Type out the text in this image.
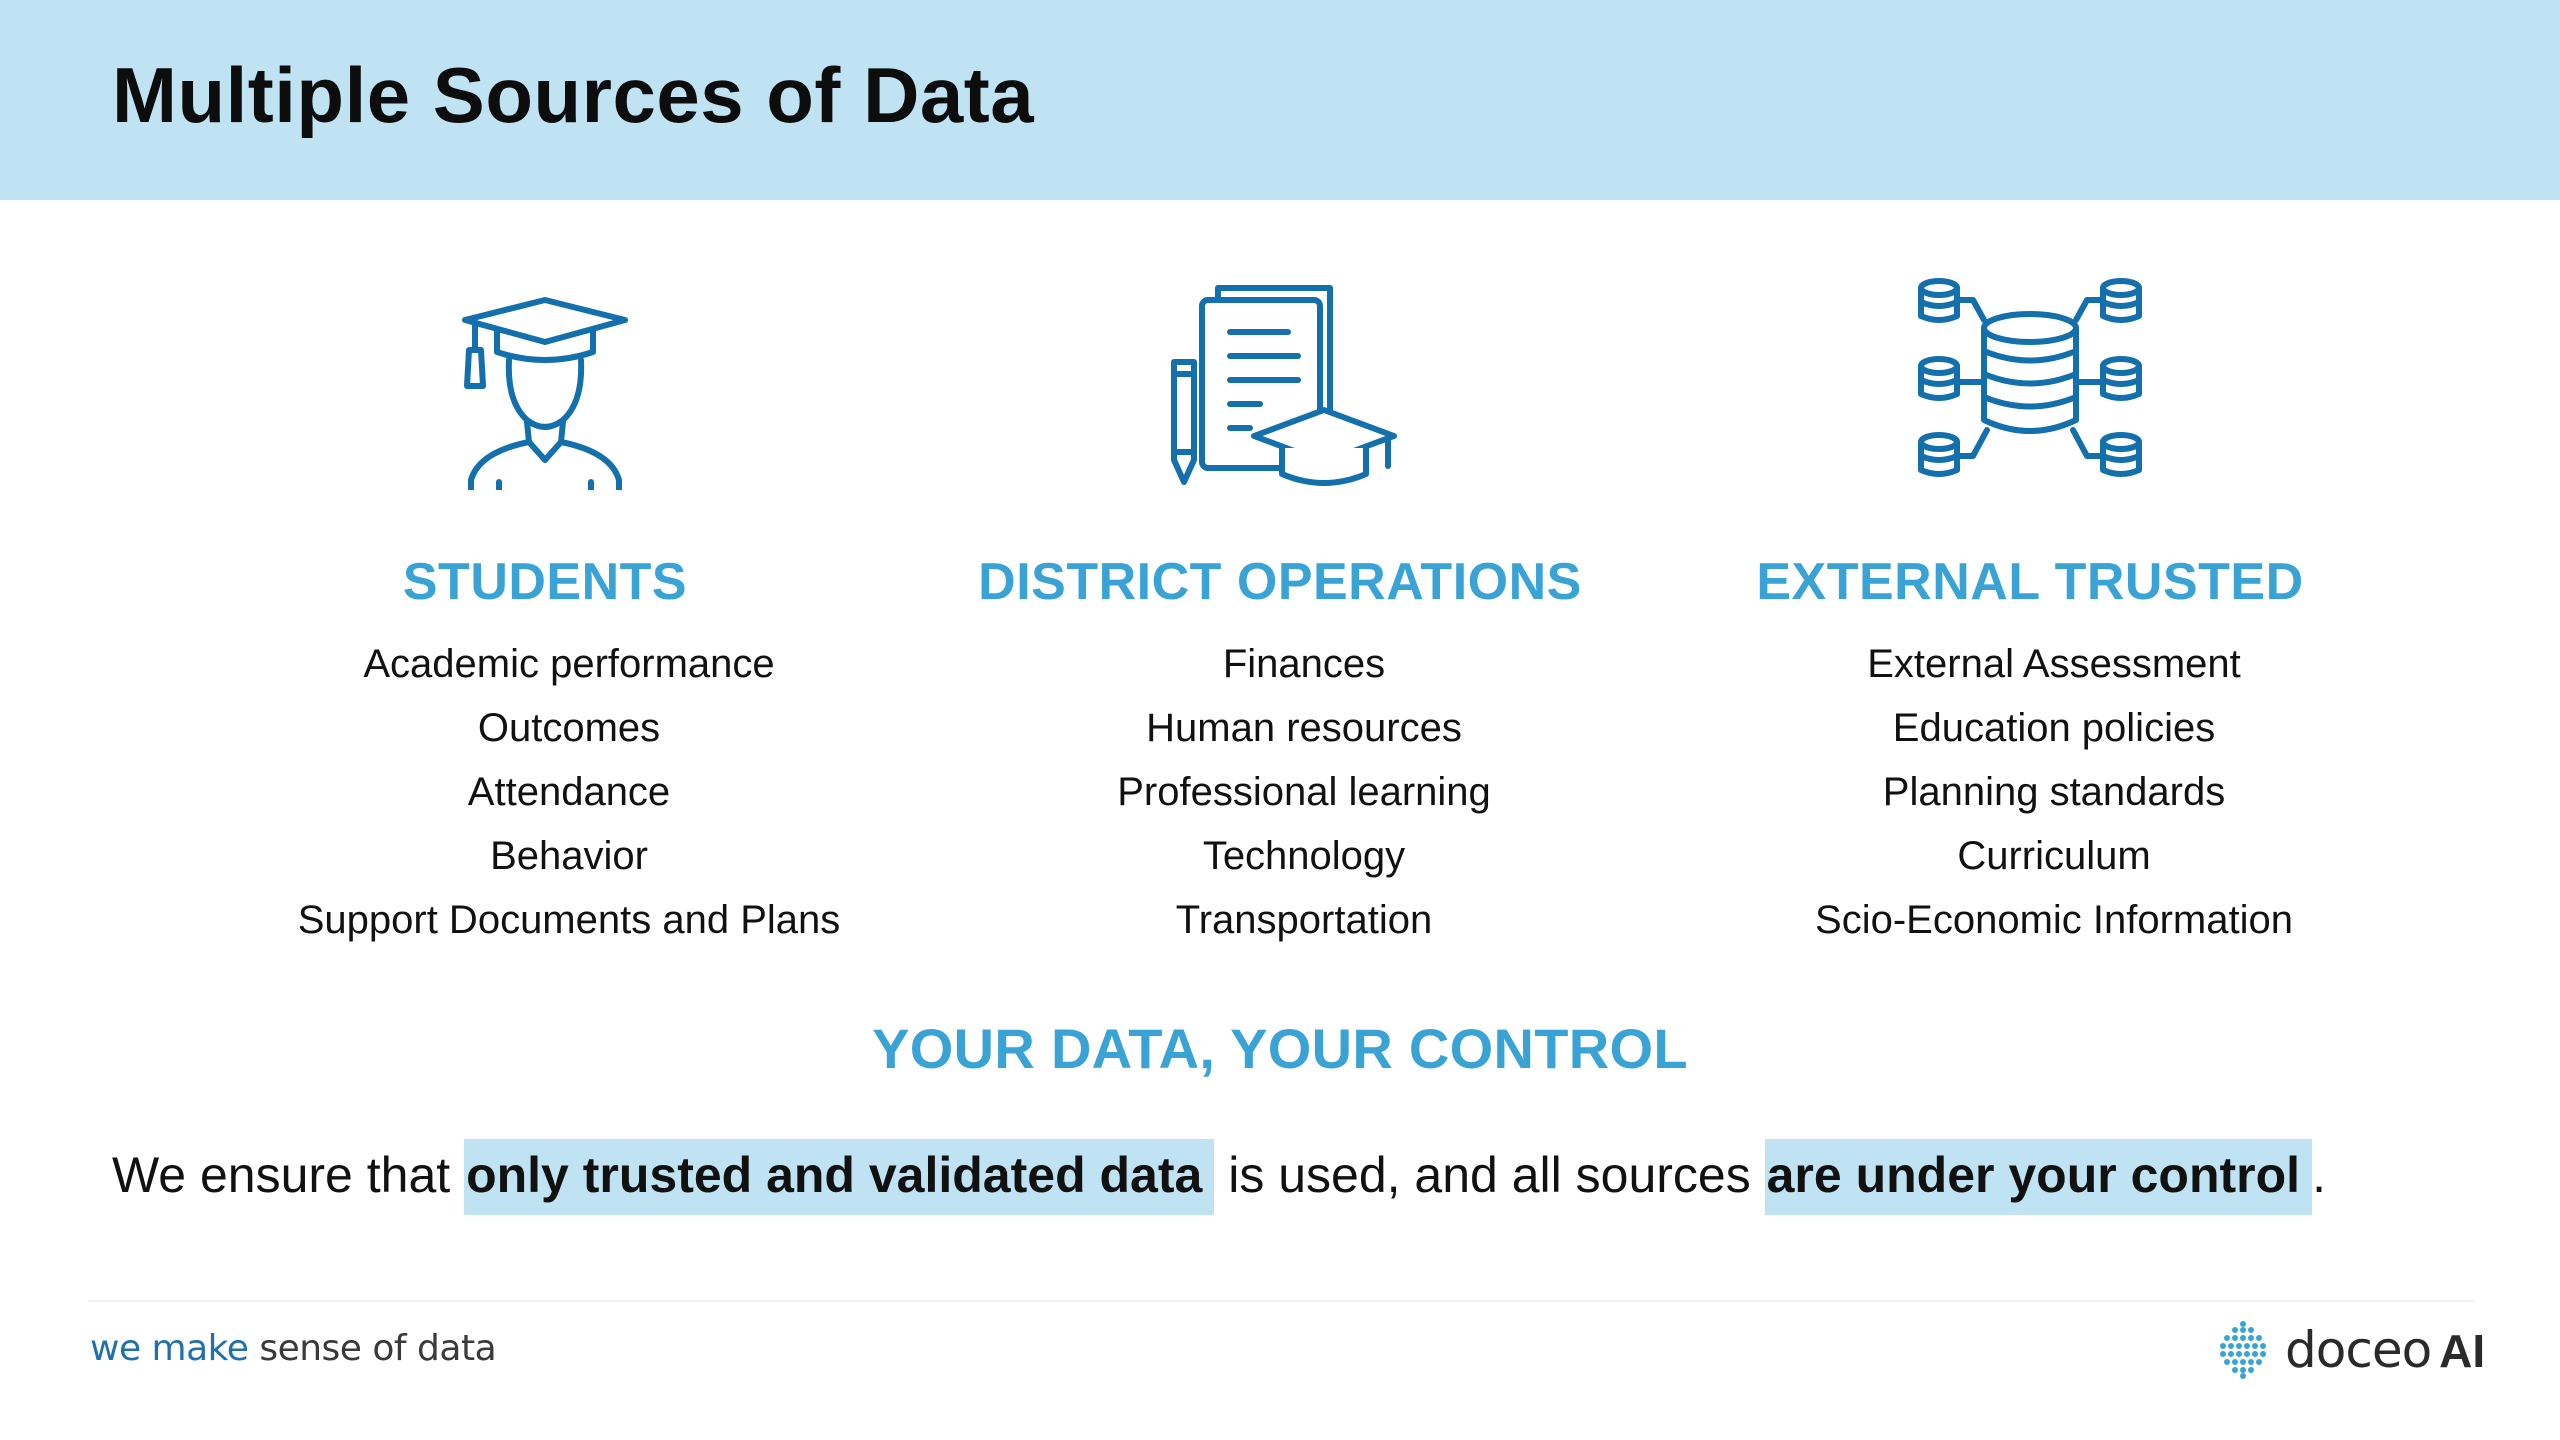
Multiple Sources of Data
STUDENTS
Academic performance
Outcomes
Attendance
Behavior
Support Documents and Plans
DISTRICT OPERATIONS
Finances
Human resources
Professional learning
Technology
Transportation
EXTERNAL TRUSTED
External Assessment
Education policies
Planning standards
Curriculum
Scio-Economic Information
YOUR DATA, YOUR CONTROL
We ensure that only trusted and validated data is used, and all sources are under your control .
we make sense of data	doceo AI
